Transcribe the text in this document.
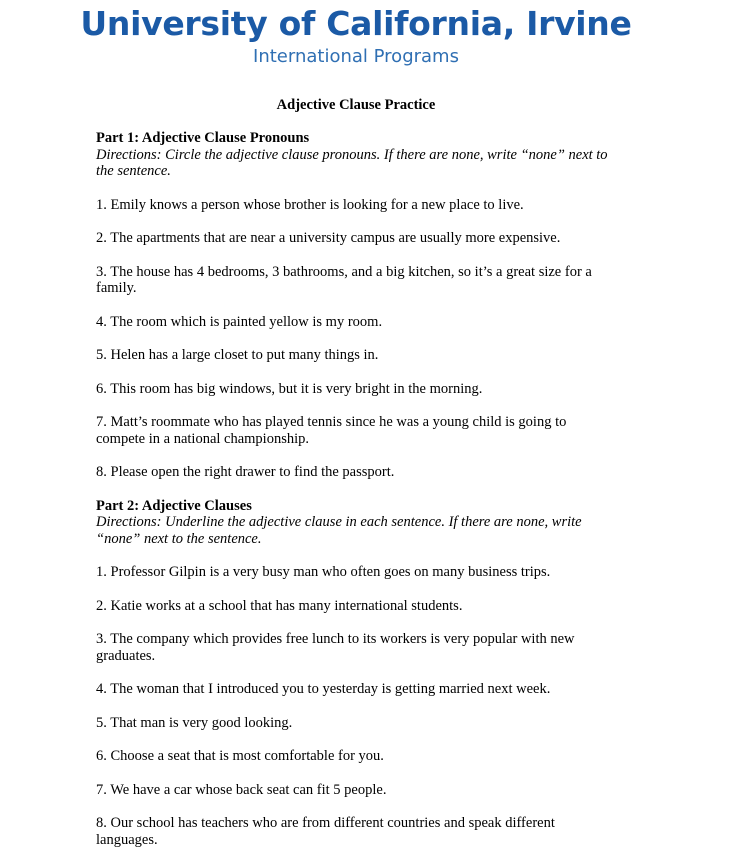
University of California, Irvine
International Programs
Adjective Clause Practice
Part 1: Adjective Clause Pronouns
Directions: Circle the adjective clause pronouns. If there are none, write “none” next to the sentence.
1. Emily knows a person whose brother is looking for a new place to live.
2. The apartments that are near a university campus are usually more expensive.
3. The house has 4 bedrooms, 3 bathrooms, and a big kitchen, so it’s a great size for a family.
4. The room which is painted yellow is my room.
5. Helen has a large closet to put many things in.
6. This room has big windows, but it is very bright in the morning.
7. Matt’s roommate who has played tennis since he was a young child is going to compete in a national championship.
8. Please open the right drawer to find the passport.
Part 2: Adjective Clauses
Directions: Underline the adjective clause in each sentence. If there are none, write “none” next to the sentence.
1. Professor Gilpin is a very busy man who often goes on many business trips.
2. Katie works at a school that has many international students.
3. The company which provides free lunch to its workers is very popular with new graduates.
4. The woman that I introduced you to yesterday is getting married next week.
5. That man is very good looking.
6. Choose a seat that is most comfortable for you.
7. We have a car whose back seat can fit 5 people.
8. Our school has teachers who are from different countries and speak different languages.
